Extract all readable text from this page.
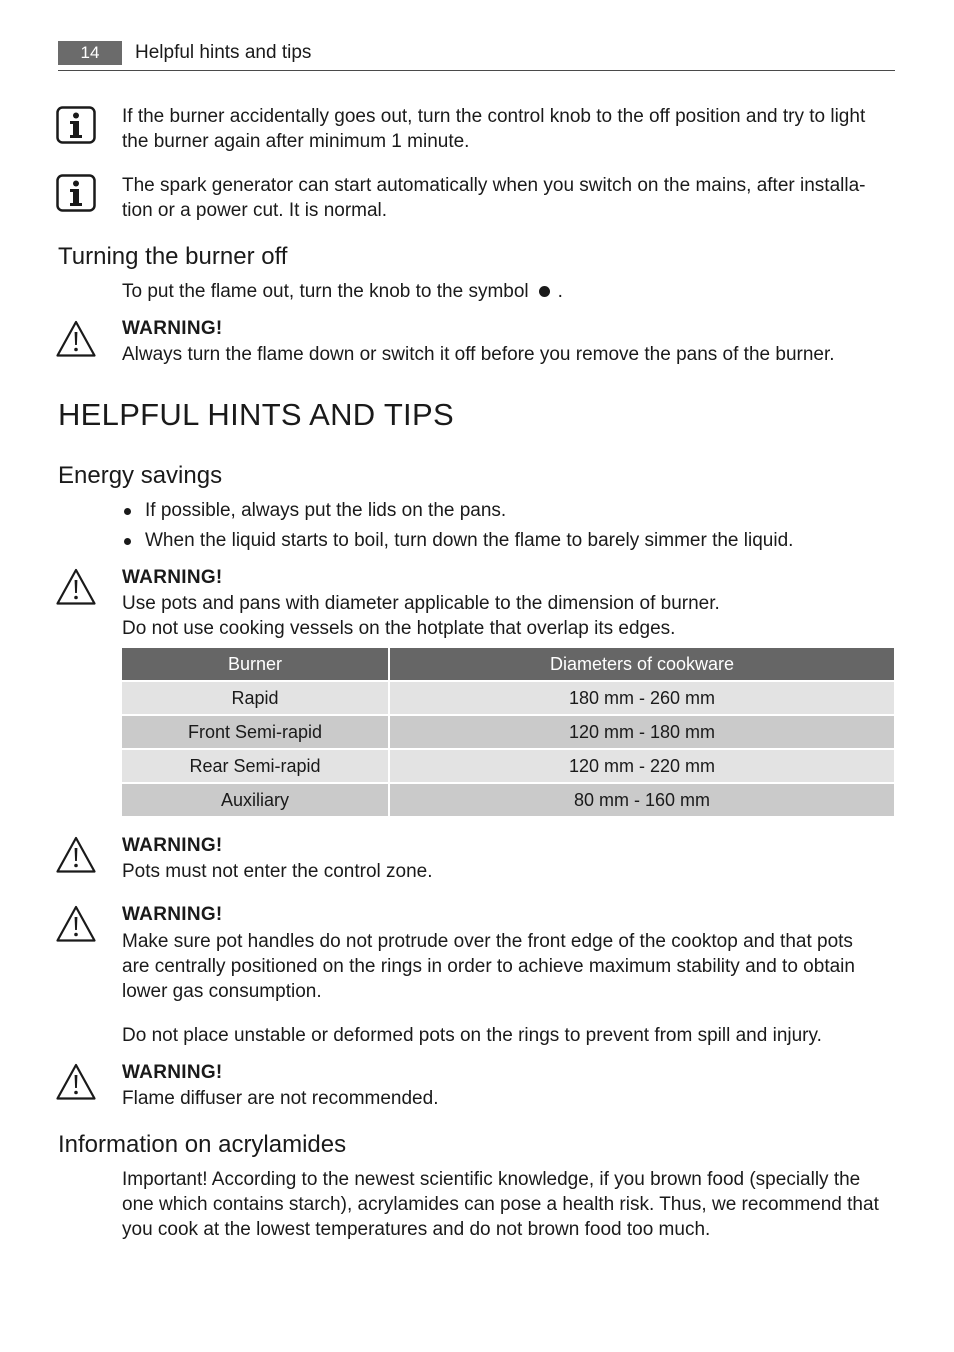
14	Helpful hints and tips
If the burner accidentally goes out, turn the control knob to the off position and try to light
the burner again after minimum 1 minute.
The spark generator can start automatically when you switch on the mains, after installa-
tion or a power cut. It is normal.
Turning the burner off
To put the flame out, turn the knob to the symbol .
WARNING!
Always turn the flame down or switch it off before you remove the pans of the burner.
HELPFUL HINTS AND TIPS
Energy savings
If possible, always put the lids on the pans.
When the liquid starts to boil, turn down the flame to barely simmer the liquid.
WARNING!
Use pots and pans with diameter applicable to the dimension of burner.
Do not use cooking vessels on the hotplate that overlap its edges.
Burner	Diameters of cookware
Rapid	180 mm - 260 mm
Front Semi-rapid	120 mm - 180 mm
Rear Semi-rapid	120 mm - 220 mm
Auxiliary	80 mm - 160 mm
WARNING!
Pots must not enter the control zone.
WARNING!
Make sure pot handles do not protrude over the front edge of the cooktop and that pots
are centrally positioned on the rings in order to achieve maximum stability and to obtain
lower gas consumption.
Do not place unstable or deformed pots on the rings to prevent from spill and injury.
WARNING!
Flame diffuser are not recommended.
Information on acrylamides
Important! According to the newest scientific knowledge, if you brown food (specially the
one which contains starch), acrylamides can pose a health risk. Thus, we recommend that
you cook at the lowest temperatures and do not brown food too much.
